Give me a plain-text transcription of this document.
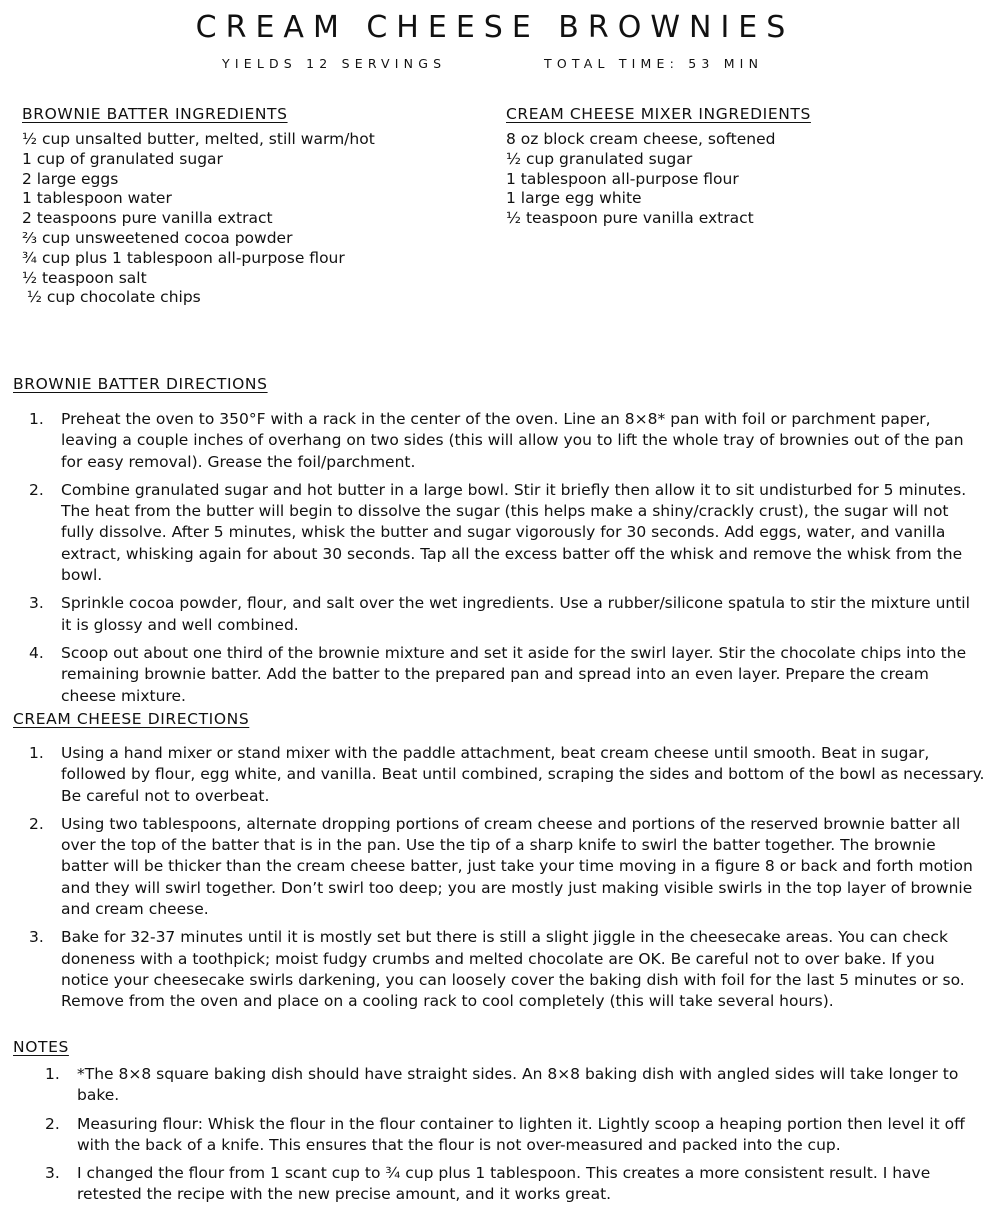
CREAM CHEESE BROWNIES
YIELDS 12 SERVINGS	TOTAL TIME: 53 MIN
BROWNIE BATTER INGREDIENTS
½ cup unsalted butter, melted, still warm/hot
1 cup of granulated sugar
2 large eggs
1 tablespoon water
2 teaspoons pure vanilla extract
⅔ cup unsweetened cocoa powder
¾ cup plus 1 tablespoon all-purpose flour
½ teaspoon salt
½ cup chocolate chips
CREAM CHEESE MIXER INGREDIENTS
8 oz block cream cheese, softened
½ cup granulated sugar
1 tablespoon all-purpose flour
1 large egg white
½ teaspoon pure vanilla extract
BROWNIE BATTER DIRECTIONS
1. Preheat the oven to 350°F with a rack in the center of the oven. Line an 8×8* pan with foil or parchment paper, leaving a couple inches of overhang on two sides (this will allow you to lift the whole tray of brownies out of the pan for easy removal). Grease the foil/parchment.
2. Combine granulated sugar and hot butter in a large bowl. Stir it briefly then allow it to sit undisturbed for 5 minutes. The heat from the butter will begin to dissolve the sugar (this helps make a shiny/crackly crust), the sugar will not fully dissolve. After 5 minutes, whisk the butter and sugar vigorously for 30 seconds. Add eggs, water, and vanilla extract, whisking again for about 30 seconds. Tap all the excess batter off the whisk and remove the whisk from the bowl.
3. Sprinkle cocoa powder, flour, and salt over the wet ingredients. Use a rubber/silicone spatula to stir the mixture until it is glossy and well combined.
4. Scoop out about one third of the brownie mixture and set it aside for the swirl layer. Stir the chocolate chips into the remaining brownie batter. Add the batter to the prepared pan and spread into an even layer. Prepare the cream cheese mixture.
CREAM CHEESE DIRECTIONS
1. Using a hand mixer or stand mixer with the paddle attachment, beat cream cheese until smooth. Beat in sugar, followed by flour, egg white, and vanilla. Beat until combined, scraping the sides and bottom of the bowl as necessary. Be careful not to overbeat.
2. Using two tablespoons, alternate dropping portions of cream cheese and portions of the reserved brownie batter all over the top of the batter that is in the pan. Use the tip of a sharp knife to swirl the batter together. The brownie batter will be thicker than the cream cheese batter, just take your time moving in a figure 8 or back and forth motion and they will swirl together. Don’t swirl too deep; you are mostly just making visible swirls in the top layer of brownie and cream cheese.
3. Bake for 32-37 minutes until it is mostly set but there is still a slight jiggle in the cheesecake areas. You can check doneness with a toothpick; moist fudgy crumbs and melted chocolate are OK. Be careful not to over bake. If you notice your cheesecake swirls darkening, you can loosely cover the baking dish with foil for the last 5 minutes or so. Remove from the oven and place on a cooling rack to cool completely (this will take several hours).
NOTES
1. *The 8×8 square baking dish should have straight sides. An 8×8 baking dish with angled sides will take longer to bake.
2. Measuring flour: Whisk the flour in the flour container to lighten it. Lightly scoop a heaping portion then level it off with the back of a knife. This ensures that the flour is not over-measured and packed into the cup.
3. I changed the flour from 1 scant cup to ¾ cup plus 1 tablespoon. This creates a more consistent result. I have retested the recipe with the new precise amount, and it works great.
